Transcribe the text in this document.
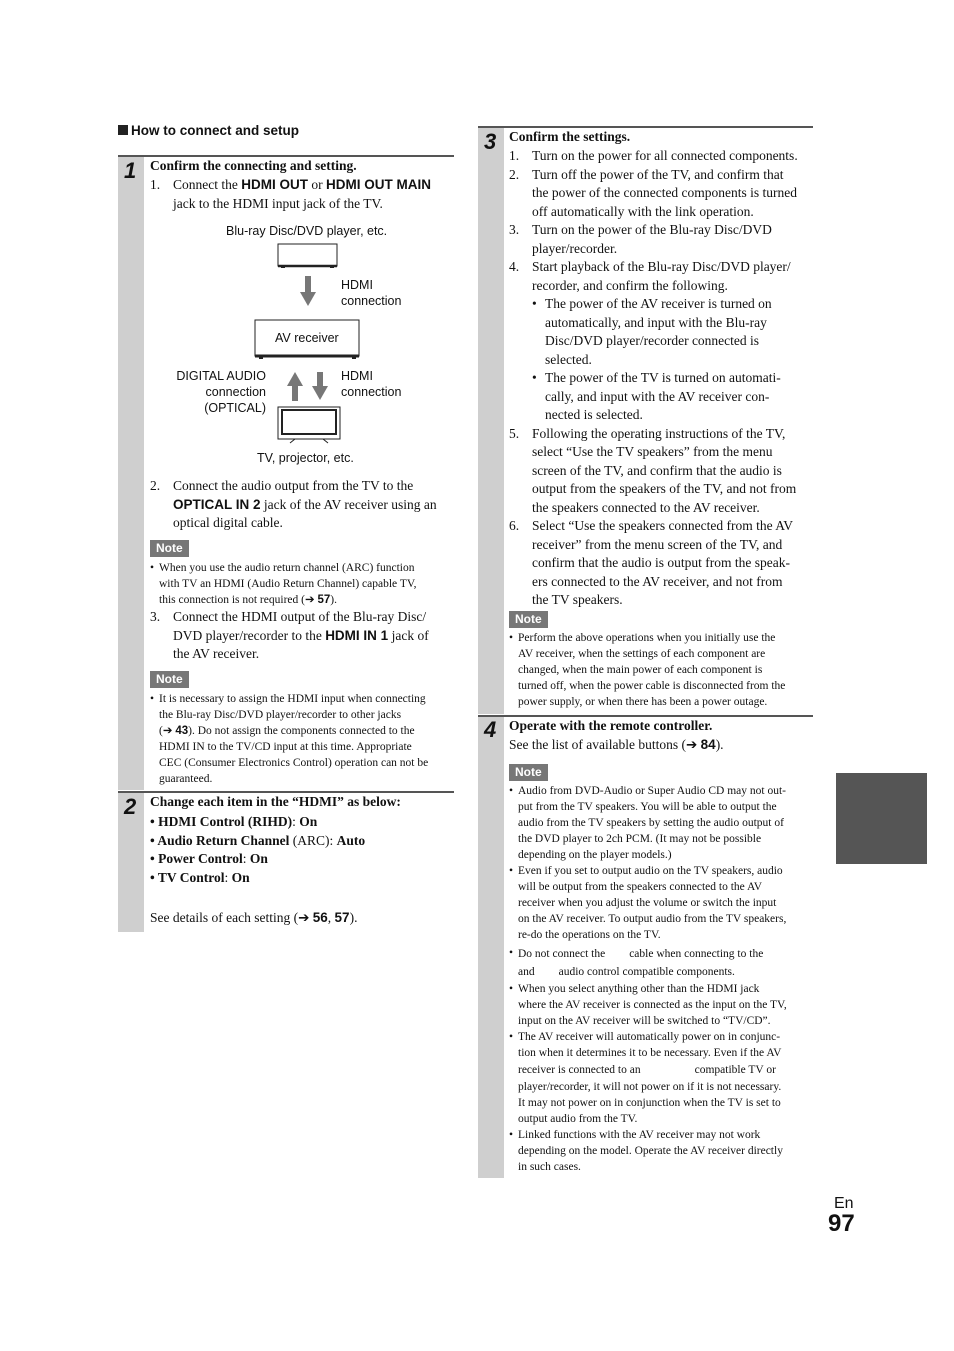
How to connect and setup
1 Confirm the connecting and setting.
1. Connect the HDMI OUT or HDMI OUT MAIN
jack to the HDMI input jack of the TV.
Blu-ray Disc/DVD player, etc.
HDMI
connection
AV receiver
DIGITAL AUDIO
connection
(OPTICAL)
HDMI
connection
TV, projector, etc.
2. Connect the audio output from the TV to the
OPTICAL IN 2 jack of the AV receiver using an
optical digital cable.
Note
• When you use the audio return channel (ARC) function
with TV an HDMI (Audio Return Channel) capable TV,
this connection is not required (➔ 57).
3. Connect the HDMI output of the Blu-ray Disc/
DVD player/recorder to the HDMI IN 1 jack of
the AV receiver.
Note
• It is necessary to assign the HDMI input when connecting
the Blu-ray Disc/DVD player/recorder to other jacks
(➔ 43). Do not assign the components connected to the
HDMI IN to the TV/CD input at this time. Appropriate
CEC (Consumer Electronics Control) operation can not be
guaranteed.
2 Change each item in the “HDMI” as below:
• HDMI Control (RIHD): On
• Audio Return Channel (ARC): Auto
• Power Control: On
• TV Control: On
See details of each setting (➔ 56, 57).
3 Confirm the settings.
1. Turn on the power for all connected components.
2. Turn off the power of the TV, and confirm that
the power of the connected components is turned
off automatically with the link operation.
3. Turn on the power of the Blu-ray Disc/DVD
player/recorder.
4. Start playback of the Blu-ray Disc/DVD player/
recorder, and confirm the following.
• The power of the AV receiver is turned on
automatically, and input with the Blu-ray
Disc/DVD player/recorder connected is
selected.
• The power of the TV is turned on automati-
cally, and input with the AV receiver con-
nected is selected.
5. Following the operating instructions of the TV,
select “Use the TV speakers” from the menu
screen of the TV, and confirm that the audio is
output from the speakers of the TV, and not from
the speakers connected to the AV receiver.
6. Select “Use the speakers connected from the AV
receiver” from the menu screen of the TV, and
confirm that the audio is output from the speak-
ers connected to the AV receiver, and not from
the TV speakers.
Note
• Perform the above operations when you initially use the
AV receiver, when the settings of each component are
changed, when the main power of each component is
turned off, when the power cable is disconnected from the
power supply, or when there has been a power outage.
4 Operate with the remote controller.
See the list of available buttons (➔ 84).
Note
• Audio from DVD-Audio or Super Audio CD may not out-
put from the TV speakers. You will be able to output the
audio from the TV speakers by setting the audio output of
the DVD player to 2ch PCM. (It may not be possible
depending on the player models.)
• Even if you set to output audio on the TV speakers, audio
will be output from the speakers connected to the AV
receiver when you adjust the volume or switch the input
on the AV receiver. To output audio from the TV speakers,
re-do the operations on the TV.
• Do not connect the cable when connecting to the
and audio control compatible components.
• When you select anything other than the HDMI jack
where the AV receiver is connected as the input on the TV,
input on the AV receiver will be switched to “TV/CD”.
• The AV receiver will automatically power on in conjunc-
tion when it determines it to be necessary. Even if the AV
receiver is connected to an	compatible TV or
player/recorder, it will not power on if it is not necessary.
It may not power on in conjunction when the TV is set to
output audio from the TV.
• Linked functions with the AV receiver may not work
depending on the model. Operate the AV receiver directly
in such cases.
En
97
